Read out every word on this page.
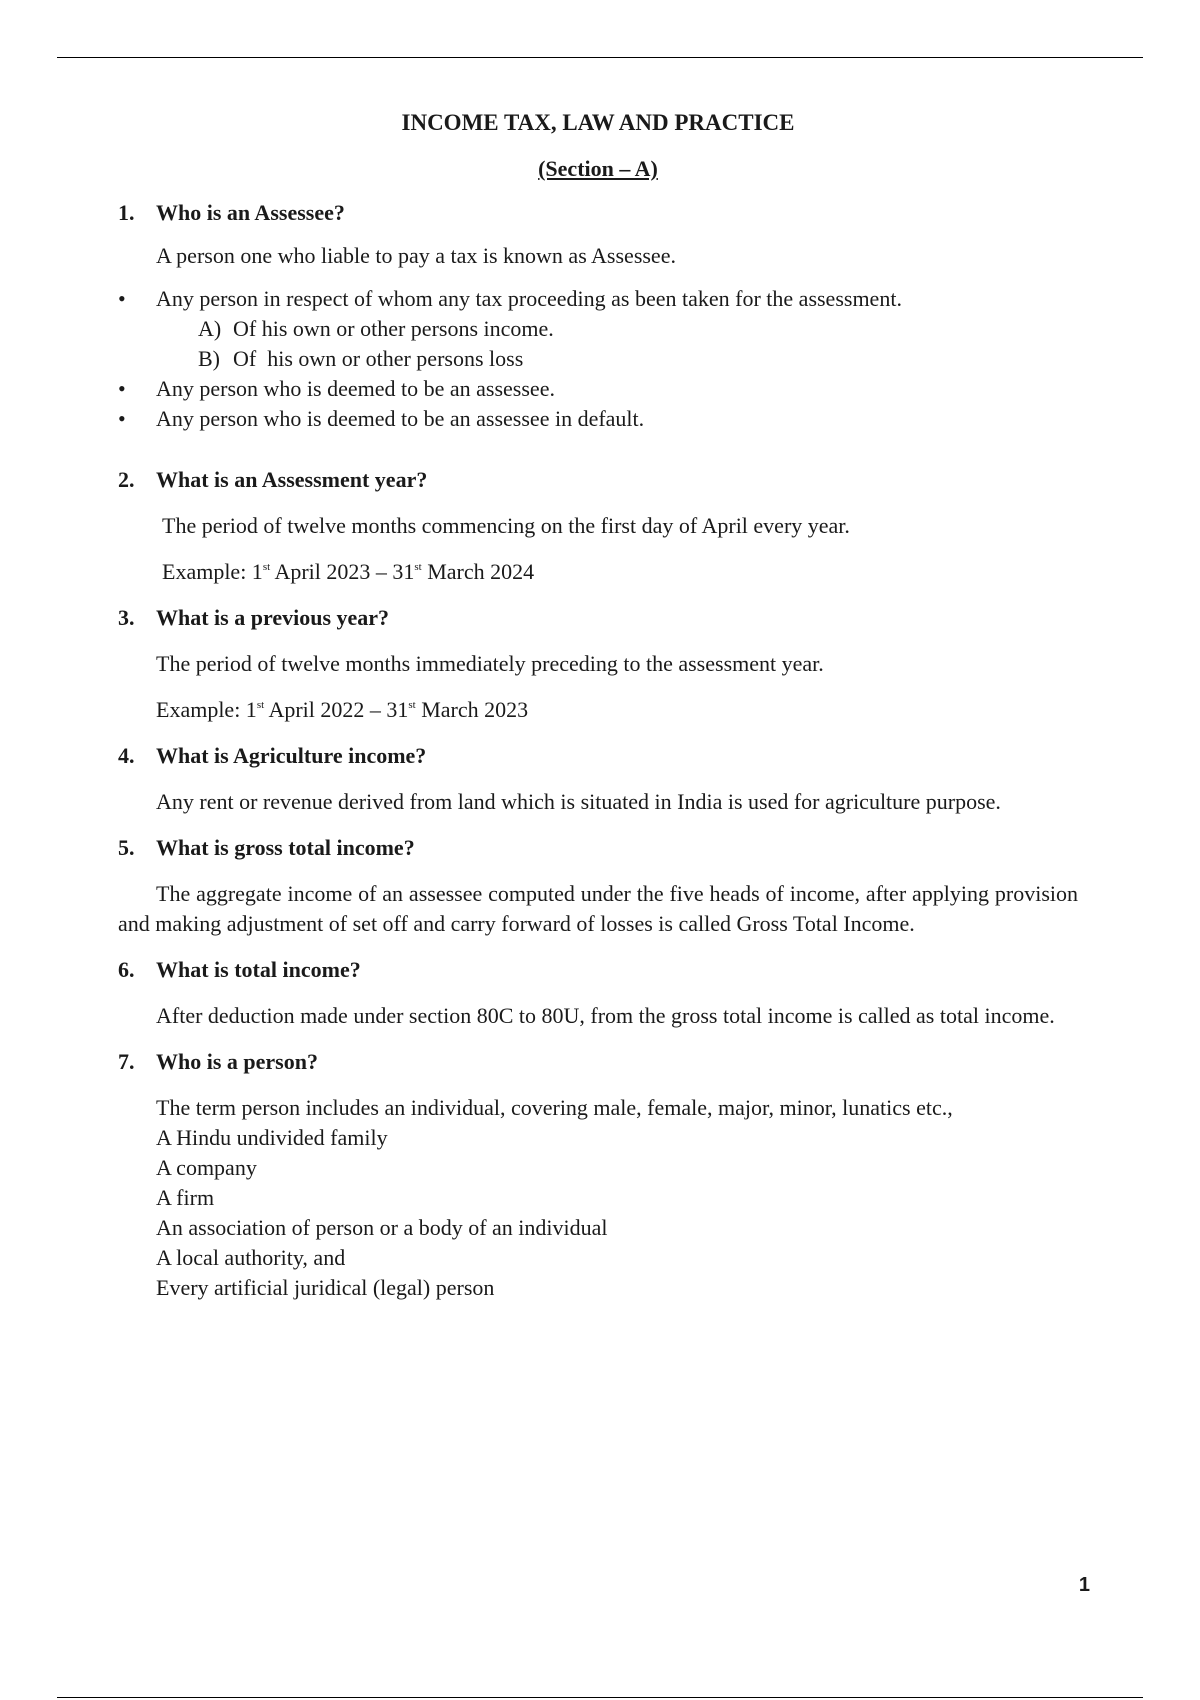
INCOME TAX, LAW AND PRACTICE
(Section – A)
1. Who is an Assessee?
A person one who liable to pay a tax is known as Assessee.
•	Any person in respect of whom any tax proceeding as been taken for the assessment.
A) Of his own or other persons income.
B) Of  his own or other persons loss
•	Any person who is deemed to be an assessee.
•	Any person who is deemed to be an assessee in default.
2. What is an Assessment year?
The period of twelve months commencing on the first day of April every year.
Example: 1st April 2023 – 31st March 2024
3. What is a previous year?
The period of twelve months immediately preceding to the assessment year.
Example: 1st April 2022 – 31st March 2023
4. What is Agriculture income?
Any rent or revenue derived from land which is situated in India is used for agriculture purpose.
5. What is gross total income?
The aggregate income of an assessee computed under the five heads of income, after applying provision and making adjustment of set off and carry forward of losses is called Gross Total Income.
6. What is total income?
After deduction made under section 80C to 80U, from the gross total income is called as total income.
7. Who is a person?
The term person includes an individual, covering male, female, major, minor, lunatics etc.,
A Hindu undivided family
A company
A firm
An association of person or a body of an individual
A local authority, and
Every artificial juridical (legal) person
1
